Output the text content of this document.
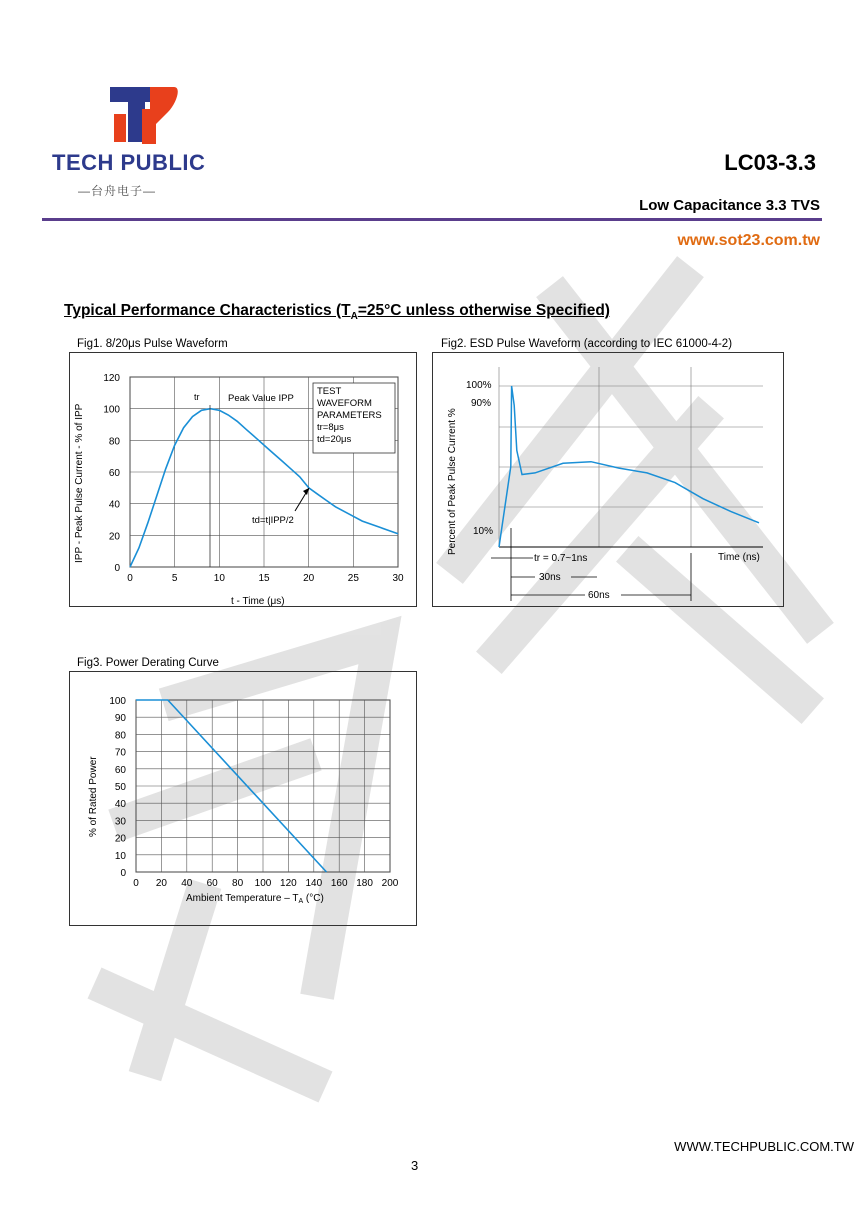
TECH PUBLIC
—台舟电子—
LC03-3.3
Low Capacitance 3.3 TVS
www.sot23.com.tw
Typical Performance Characteristics ($T_A=25^\circ C$ unless otherwise Specified)
Fig1. 8/20μs Pulse Waveform
0	5	10	15	20	25	30
0
20
40
60
80
100
120
IPP - Peak Pulse Current - % of IPP
t - Time (μs)
tr	Peak Value IPP
td=t|IPP/2
TEST
WAVEFORM
PARAMETERS
tr=8μs
td=20μs
Fig2. ESD Pulse Waveform (according to IEC 61000-4-2)
Percent of Peak Pulse Current %
100%
90%
10%
Time (ns)
tr = 0.7~1ns
30ns
60ns
Fig3. Power Derating Curve
0 20 40 60 80 100 120 140 160 180 200
0
10
20
30
40
50
60
70
80
90
100
% of Rated Power
Ambient Temperature – $T_A$ (°C)
WWW.TECHPUBLIC.COM.TW
3
